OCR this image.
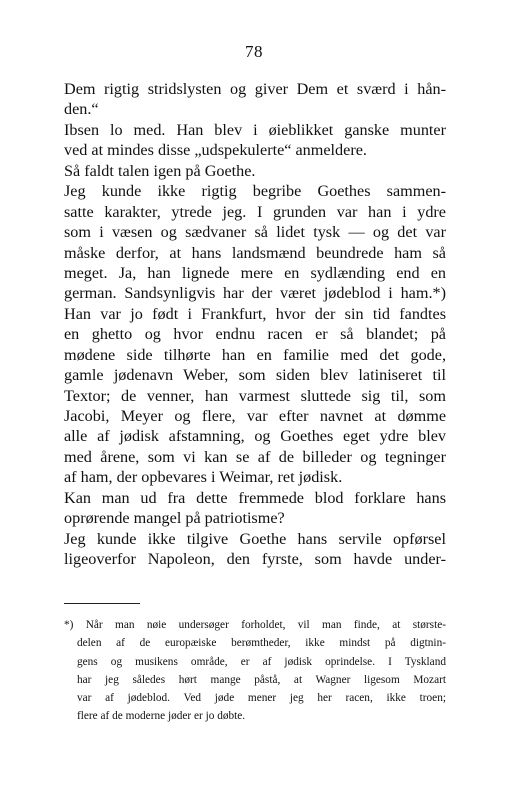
78
Dem rigtig stridslysten og giver Dem et sværd i hån-
den.“
Ibsen lo med. Han blev i øieblikket ganske munter
ved at mindes disse „udspekulerte“ anmeldere.
Så faldt talen igen på Goethe.
Jeg kunde ikke rigtig begribe Goethes sammen-
satte karakter, ytrede jeg. I grunden var han i ydre
som i væsen og sædvaner så lidet tysk — og det var
måske derfor, at hans landsmænd beundrede ham så
meget. Ja, han lignede mere en sydlænding end en
german. Sandsynligvis har der været jødeblod i ham.*)
Han var jo født i Frankfurt, hvor der sin tid fandtes
en ghetto og hvor endnu racen er så blandet; på
mødene side tilhørte han en familie med det gode,
gamle jødenavn Weber, som siden blev latiniseret til
Textor; de venner, han varmest sluttede sig til, som
Jacobi, Meyer og flere, var efter navnet at dømme
alle af jødisk afstamning, og Goethes eget ydre blev
med årene, som vi kan se af de billeder og tegninger
af ham, der opbevares i Weimar, ret jødisk.
Kan man ud fra dette fremmede blod forklare hans
oprørende mangel på patriotisme?
Jeg kunde ikke tilgive Goethe hans servile opførsel
ligeoverfor Napoleon, den fyrste, som havde under-
*) Når man nøie undersøger forholdet, vil man finde, at største-
delen af de europæiske berømtheder, ikke mindst på digtnin-
gens og musikens område, er af jødisk oprindelse. I Tyskland
har jeg således hørt mange påstå, at Wagner ligesom Mozart
var af jødeblod. Ved jøde mener jeg her racen, ikke troen;
flere af de moderne jøder er jo døbte.
